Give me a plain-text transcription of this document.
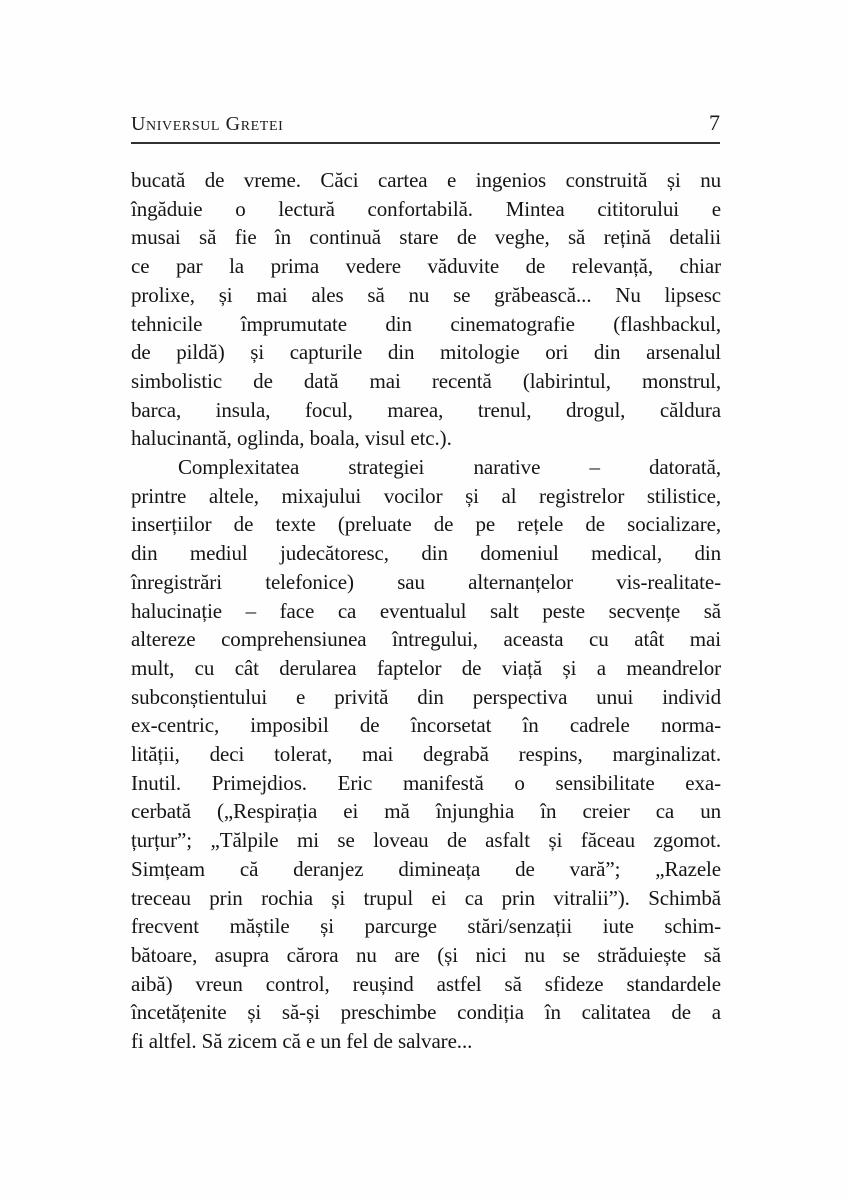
Universul Gretei	7
bucată de vreme. Căci cartea e ingenios construită și nu
îngăduie o lectură confortabilă. Mintea cititorului e
musai să fie în continuă stare de veghe, să rețină detalii
ce par la prima vedere văduvite de relevanță, chiar
prolixe, și mai ales să nu se grăbească... Nu lipsesc
tehnicile împrumutate din cinematografie (flashbackul,
de pildă) și capturile din mitologie ori din arsenalul
simbolistic de dată mai recentă (labirintul, monstrul,
barca, insula, focul, marea, trenul, drogul, căldura
halucinantă, oglinda, boala, visul etc.).
Complexitatea strategiei narative – datorată,
printre altele, mixajului vocilor și al registrelor stilistice,
inserțiilor de texte (preluate de pe rețele de socializare,
din mediul judecătoresc, din domeniul medical, din
înregistrări telefonice) sau alternanțelor vis-realitate-
halucinație – face ca eventualul salt peste secvențe să
altereze comprehensiunea întregului, aceasta cu atât mai
mult, cu cât derularea faptelor de viață și a meandrelor
subconștientului e privită din perspectiva unui individ
ex-centric, imposibil de încorsetat în cadrele norma-
lității, deci tolerat, mai degrabă respins, marginalizat.
Inutil. Primejdios. Eric manifestă o sensibilitate exa-
cerbată („Respirația ei mă înjunghia în creier ca un
țurțur”; „Tălpile mi se loveau de asfalt și făceau zgomot.
Simțeam că deranjez dimineața de vară”; „Razele
treceau prin rochia și trupul ei ca prin vitralii”). Schimbă
frecvent măștile și parcurge stări/senzații iute schim-
bătoare, asupra cărora nu are (și nici nu se străduiește să
aibă) vreun control, reușind astfel să sfideze standardele
încetățenite și să-și preschimbe condiția în calitatea de a
fi altfel. Să zicem că e un fel de salvare...
